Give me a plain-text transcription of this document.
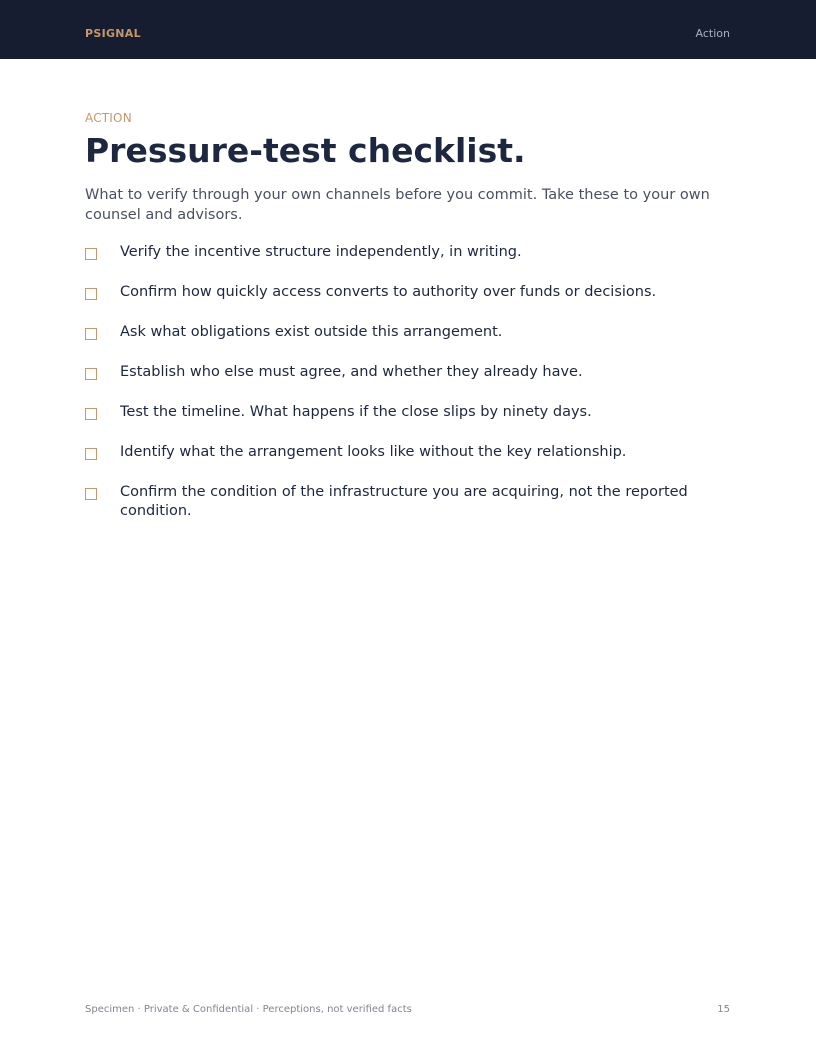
PSIGNAL	Action
ACTION
Pressure-test checklist.

What to verify through your own channels before you commit. Take these to your own counsel and advisors.

Verify the incentive structure independently, in writing.
Confirm how quickly access converts to authority over funds or decisions.
Ask what obligations exist outside this arrangement.
Establish who else must agree, and whether they already have.
Test the timeline. What happens if the close slips by ninety days.
Identify what the arrangement looks like without the key relationship.
Confirm the condition of the infrastructure you are acquiring, not the reported condition.
Specimen · Private & Confidential · Perceptions, not verified facts	15
